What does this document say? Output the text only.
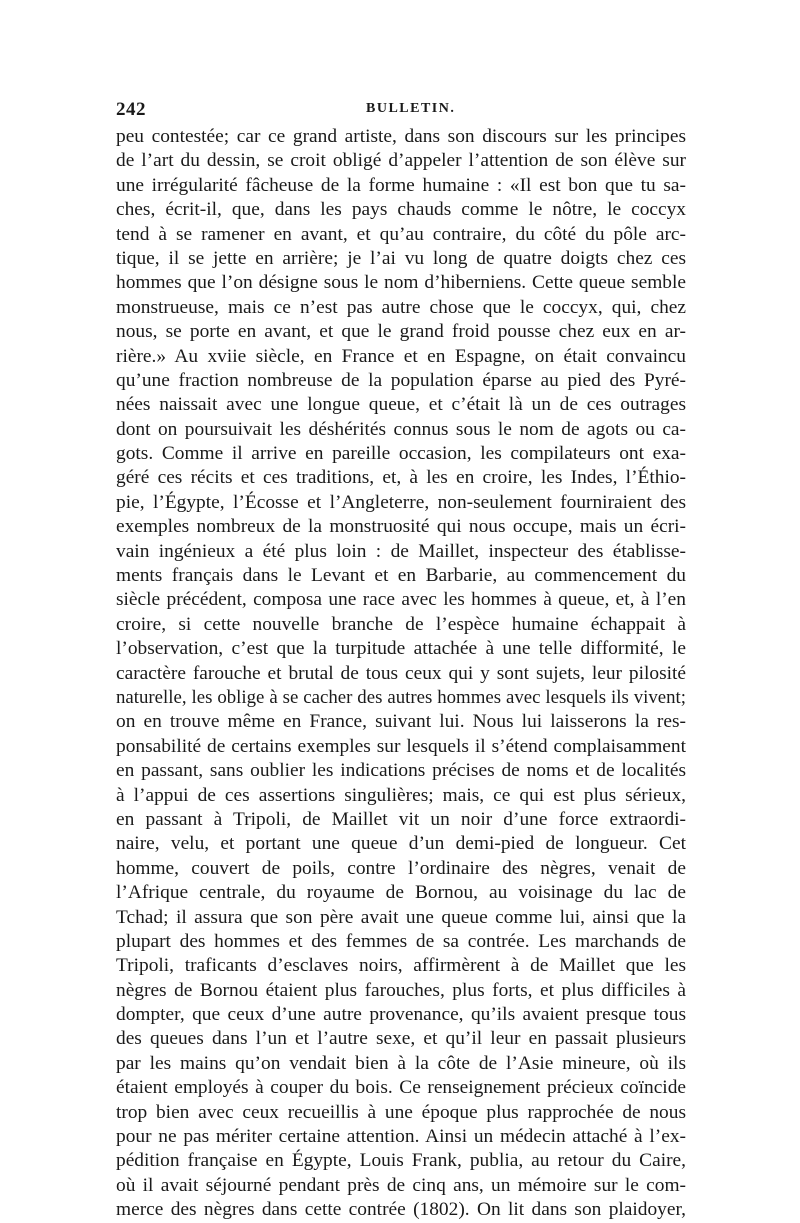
242	BULLETIN.
peu contestée; car ce grand artiste, dans son discours sur les principes
de l’art du dessin, se croit obligé d’appeler l’attention de son élève sur
une irrégularité fâcheuse de la forme humaine : «Il est bon que tu sa-
ches, écrit-il, que, dans les pays chauds comme le nôtre, le coccyx
tend à se ramener en avant, et qu’au contraire, du côté du pôle arc-
tique, il se jette en arrière; je l’ai vu long de quatre doigts chez ces
hommes que l’on désigne sous le nom d’hiberniens. Cette queue semble
monstrueuse, mais ce n’est pas autre chose que le coccyx, qui, chez
nous, se porte en avant, et que le grand froid pousse chez eux en ar-
rière.» Au xviie siècle, en France et en Espagne, on était convaincu
qu’une fraction nombreuse de la population éparse au pied des Pyré-
nées naissait avec une longue queue, et c’était là un de ces outrages
dont on poursuivait les déshérités connus sous le nom de agots ou ca-
gots. Comme il arrive en pareille occasion, les compilateurs ont exa-
géré ces récits et ces traditions, et, à les en croire, les Indes, l’Éthio-
pie, l’Égypte, l’Écosse et l’Angleterre, non-seulement fourniraient des
exemples nombreux de la monstruosité qui nous occupe, mais un écri-
vain ingénieux a été plus loin : de Maillet, inspecteur des établisse-
ments français dans le Levant et en Barbarie, au commencement du
siècle précédent, composa une race avec les hommes à queue, et, à l’en
croire, si cette nouvelle branche de l’espèce humaine échappait à
l’observation, c’est que la turpitude attachée à une telle difformité, le
caractère farouche et brutal de tous ceux qui y sont sujets, leur pilosité
naturelle, les oblige à se cacher des autres hommes avec lesquels ils vivent;
on en trouve même en France, suivant lui. Nous lui laisserons la res-
ponsabilité de certains exemples sur lesquels il s’étend complaisamment
en passant, sans oublier les indications précises de noms et de localités
à l’appui de ces assertions singulières; mais, ce qui est plus sérieux,
en passant à Tripoli, de Maillet vit un noir d’une force extraordi-
naire, velu, et portant une queue d’un demi-pied de longueur. Cet
homme, couvert de poils, contre l’ordinaire des nègres, venait de
l’Afrique centrale, du royaume de Bornou, au voisinage du lac de
Tchad; il assura que son père avait une queue comme lui, ainsi que la
plupart des hommes et des femmes de sa contrée. Les marchands de
Tripoli, traficants d’esclaves noirs, affirmèrent à de Maillet que les
nègres de Bornou étaient plus farouches, plus forts, et plus difficiles à
dompter, que ceux d’une autre provenance, qu’ils avaient presque tous
des queues dans l’un et l’autre sexe, et qu’il leur en passait plusieurs
par les mains qu’on vendait bien à la côte de l’Asie mineure, où ils
étaient employés à couper du bois. Ce renseignement précieux coïncide
trop bien avec ceux recueillis à une époque plus rapprochée de nous
pour ne pas mériter certaine attention. Ainsi un médecin attaché à l’ex-
pédition française en Égypte, Louis Frank, publia, au retour du Caire,
où il avait séjourné pendant près de cinq ans, un mémoire sur le com-
merce des nègres dans cette contrée (1802). On lit dans son plaidoyer,
